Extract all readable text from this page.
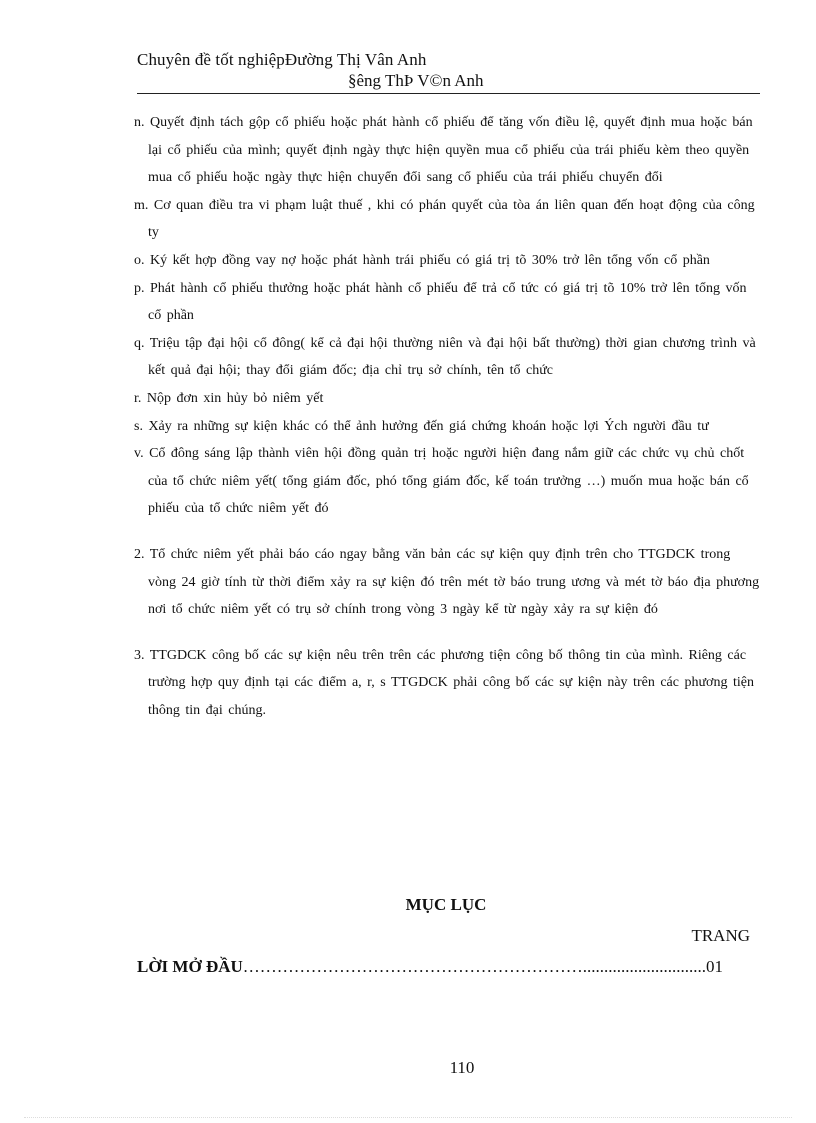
Chuyên đề tốt nghiệpĐường Thị Vân Anh
§êng ThÞ V©n Anh

n. Quyết định tách gộp cổ phiếu hoặc phát hành cổ phiếu để tăng vốn điều lệ, quyết định mua hoặc bán lại cổ phiếu của mình; quyết định ngày thực hiện quyền mua cổ phiếu của trái phiếu kèm theo quyền mua cổ phiếu hoặc ngày thực hiện chuyển đổi sang cổ phiếu của trái phiếu chuyển đổi

m. Cơ quan điều tra vi phạm luật thuế , khi có phán quyết của tòa án liên quan đến hoạt động của công ty

o. Ký kết hợp đồng vay nợ hoặc phát hành trái phiếu có giá trị tõ 30% trở lên tổng vốn cổ phần

p. Phát hành cổ phiếu thưởng hoặc phát hành cổ phiếu để trả cổ tức có giá trị tõ 10% trở lên tổng vốn cổ phần

q. Triệu tập đại hội cổ đông( kể cả đại hội thường niên và đại hội bất thường) thời gian chương trình và kết quả đại hội; thay đổi giám đốc; địa chỉ trụ sở chính, tên tổ chức

r. Nộp đơn xin hủy bỏ niêm yết

s. Xảy ra những sự kiện khác có thể ảnh hưởng đến giá chứng khoán hoặc lợi Ých người đầu tư

v. Cổ đông sáng lập thành viên hội đồng quản trị hoặc người hiện đang nắm giữ các chức vụ chủ chốt của tổ chức niêm yết( tổng giám đốc, phó tổng giám đốc, kế toán trưởng …) muốn mua hoặc bán cổ phiếu của tổ chức niêm yết đó

2. Tổ chức niêm yết phải báo cáo ngay bằng văn bản các sự kiện quy định trên cho TTGDCK trong vòng 24 giờ tính từ thời điểm xảy ra sự kiện đó trên mét tờ báo trung ương và mét tờ báo địa phương nơi tổ chức niêm yết có trụ sở chính trong vòng 3 ngày kể từ ngày xảy ra sự kiện đó

3. TTGDCK công bố các sự kiện nêu trên trên các phương tiện công bố thông tin của mình. Riêng các trường hợp quy định tại các điểm a, r, s TTGDCK phải công bố các sự kiện này trên các phương tiện thông tin đại chúng.

MỤC LỤC
TRANG
LỜI MỞ ĐẦU…………………………………………………….............................01
110
